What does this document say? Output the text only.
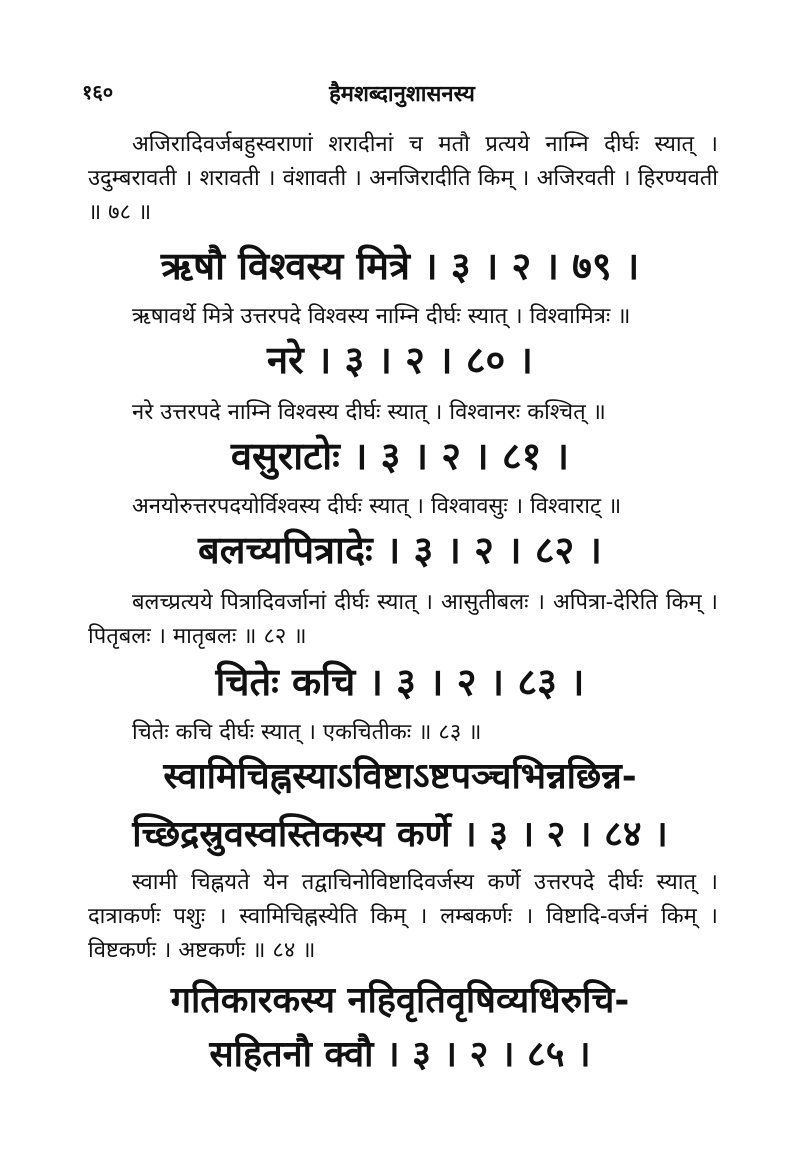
१६०	हैमशब्दानुशासनस्य

अजिरादिवर्जबहुस्वराणां शरादीनां च मतौ प्रत्यये नाम्नि दीर्घः स्यात् । उदुम्बरावती । शरावती । वंशावती । अनजिरादीति किम् । अजिरवती । हिरण्यवती ॥ ७८ ॥

ऋषौ विश्वस्य मित्रे । ३ । २ । ७९ ।

ऋषावर्थे मित्रे उत्तरपदे विश्वस्य नाम्नि दीर्घः स्यात् । विश्वामित्रः ॥

नरे । ३ । २ । ८० ।

नरे उत्तरपदे नाम्नि विश्वस्य दीर्घः स्यात् । विश्वानरः कश्चित् ॥

वसुराटोः । ३ । २ । ८१ ।

अनयोरुत्तरपदयोर्विश्वस्य दीर्घः स्यात् । विश्वावसुः । विश्वाराट् ॥

बलच्यपित्रादेः । ३ । २ । ८२ ।

बलच्प्रत्यये पित्रादिवर्जानां दीर्घः स्यात् । आसुतीबलः । अपित्रा-देरिति किम् । पितृबलः । मातृबलः ॥ ८२ ॥

चितेः कचि । ३ । २ । ८३ ।

चितेः कचि दीर्घः स्यात् । एकचितीकः ॥ ८३ ॥

स्वामिचिह्नस्याऽविष्टाऽष्टपञ्चभिन्नछिन्न-
च्छिद्रस्रुवस्वस्तिकस्य कर्णे । ३ । २ । ८४ ।

स्वामी चिह्नयते येन तद्वाचिनोविष्टादिवर्जस्य कर्णे उत्तरपदे दीर्घः स्यात् । दात्राकर्णः पशुः । स्वामिचिह्नस्येति किम् । लम्बकर्णः । विष्टादि-वर्जनं किम् । विष्टकर्णः । अष्टकर्णः ॥ ८४ ॥

गतिकारकस्य नहिवृतिवृषिव्यधिरुचि-
सहितनौ क्वौ । ३ । २ । ८५ ।
